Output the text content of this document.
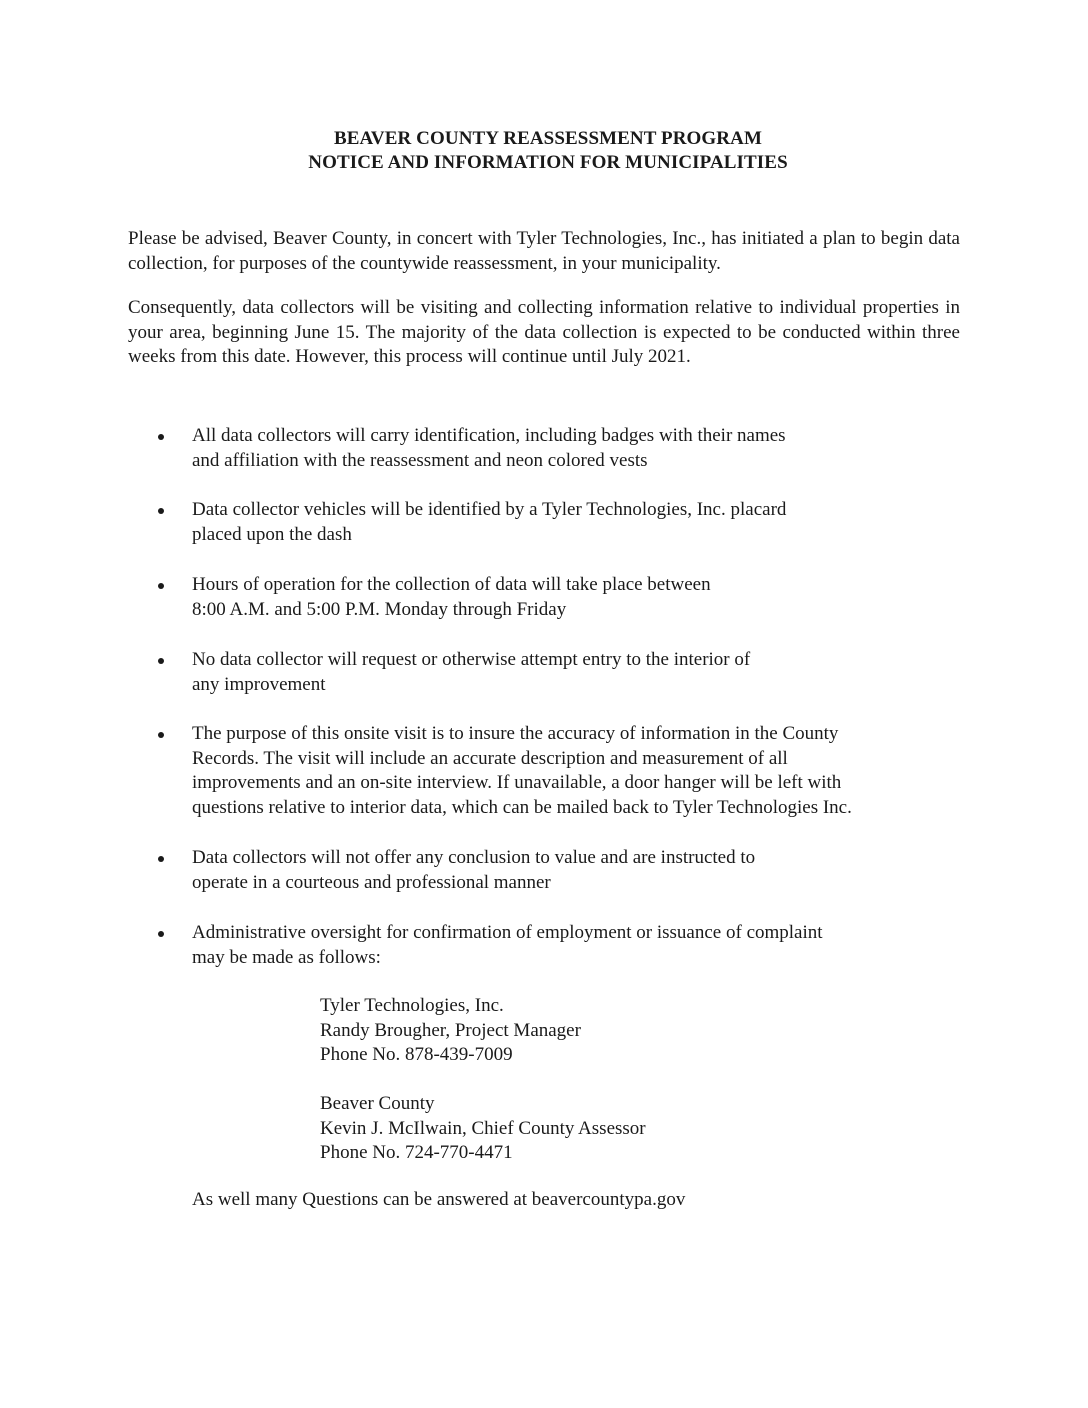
BEAVER COUNTY REASSESSMENT PROGRAM
NOTICE AND INFORMATION FOR MUNICIPALITIES
Please be advised, Beaver County, in concert with Tyler Technologies, Inc., has initiated a plan to begin data collection, for purposes of the countywide reassessment, in your municipality.
Consequently, data collectors will be visiting and collecting information relative to individual properties in your area, beginning June 15. The majority of the data collection is expected to be conducted within three weeks from this date. However, this process will continue until July 2021.
All data collectors will carry identification, including badges with their names
and affiliation with the reassessment and neon colored vests
Data collector vehicles will be identified by a Tyler Technologies, Inc. placard
placed upon the dash
Hours of operation for the collection of data will take place between
8:00 A.M. and 5:00 P.M. Monday through Friday
No data collector will request or otherwise attempt entry to the interior of
any improvement
The purpose of this onsite visit is to insure the accuracy of information in the County
Records. The visit will include an accurate description and measurement of all
improvements and an on-site interview. If unavailable, a door hanger will be left with
questions relative to interior data, which can be mailed back to Tyler Technologies Inc.
Data collectors will not offer any conclusion to value and are instructed to
operate in a courteous and professional manner
Administrative oversight for confirmation of employment or issuance of complaint
may be made as follows:
Tyler Technologies, Inc.
Randy Brougher, Project Manager
Phone No. 878-439-7009
Beaver County
Kevin J. McIlwain, Chief County Assessor
Phone No. 724-770-4471
As well many Questions can be answered at beavercountypa.gov
